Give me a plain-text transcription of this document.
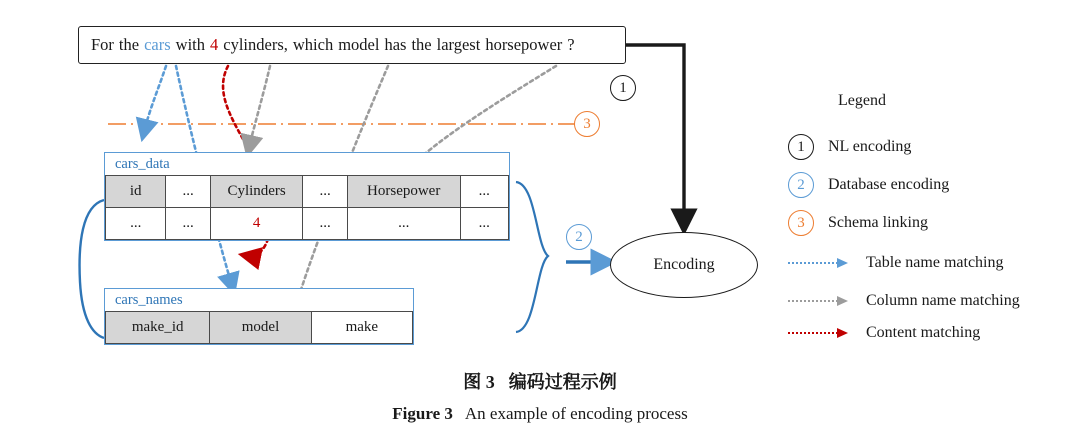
For the cars with 4 cylinders, which model has the largest horsepower ?
1
3
2
cars_data
id	...	Cylinders	...	Horsepower	...
...	...	4	...	...	...
cars_names
make_id	model	make
Encoding
Legend
1	NL encoding
2	Database encoding
3	Schema linking
Table name matching
Column name matching
Content matching
图 3 编码过程示例
Figure 3 An example of encoding process
